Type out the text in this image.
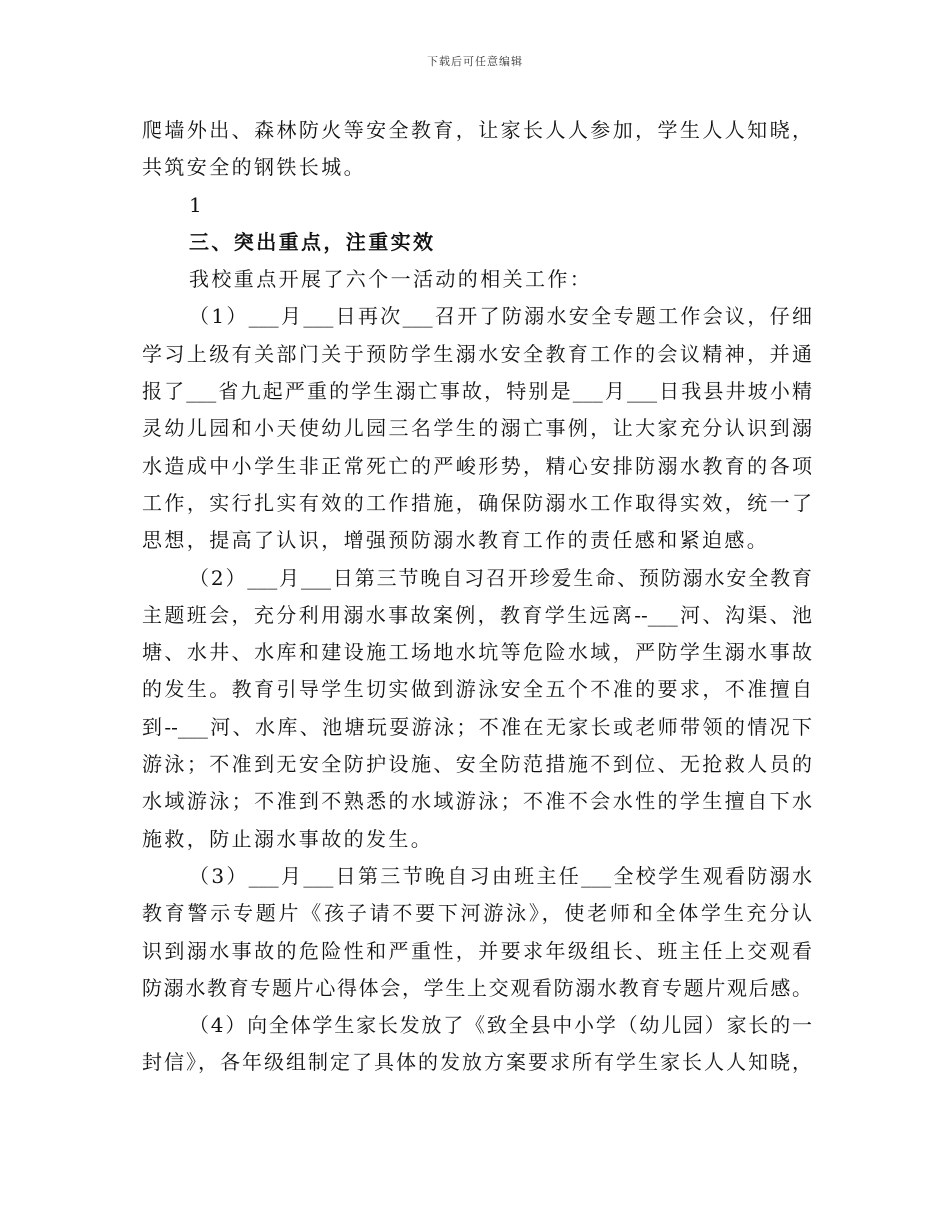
下载后可任意编辑
爬墙外出、森林防火等安全教育，让家长人人参加，学生人人知晓，
共筑安全的钢铁长城。
1
三、突出重点，注重实效
我校重点开展了六个一活动的相关工作：
（1）___月___日再次___召开了防溺水安全专题工作会议，仔细
学习上级有关部门关于预防学生溺水安全教育工作的会议精神，并通
报了___省九起严重的学生溺亡事故，特别是___月___日我县井坡小精
灵幼儿园和小天使幼儿园三名学生的溺亡事例，让大家充分认识到溺
水造成中小学生非正常死亡的严峻形势，精心安排防溺水教育的各项
工作，实行扎实有效的工作措施，确保防溺水工作取得实效，统一了
思想，提高了认识，增强预防溺水教育工作的责任感和紧迫感。
（2）___月___日第三节晚自习召开珍爱生命、预防溺水安全教育
主题班会，充分利用溺水事故案例，教育学生远离--___河、沟渠、池
塘、水井、水库和建设施工场地水坑等危险水域，严防学生溺水事故
的发生。教育引导学生切实做到游泳安全五个不准的要求，不准擅自
到--___河、水库、池塘玩耍游泳；不准在无家长或老师带领的情况下
游泳；不准到无安全防护设施、安全防范措施不到位、无抢救人员的
水域游泳；不准到不熟悉的水域游泳；不准不会水性的学生擅自下水
施救，防止溺水事故的发生。
（3）___月___日第三节晚自习由班主任___全校学生观看防溺水
教育警示专题片《孩子请不要下河游泳》，使老师和全体学生充分认
识到溺水事故的危险性和严重性，并要求年级组长、班主任上交观看
防溺水教育专题片心得体会，学生上交观看防溺水教育专题片观后感。
（4）向全体学生家长发放了《致全县中小学（幼儿园）家长的一
封信》，各年级组制定了具体的发放方案要求所有学生家长人人知晓，
